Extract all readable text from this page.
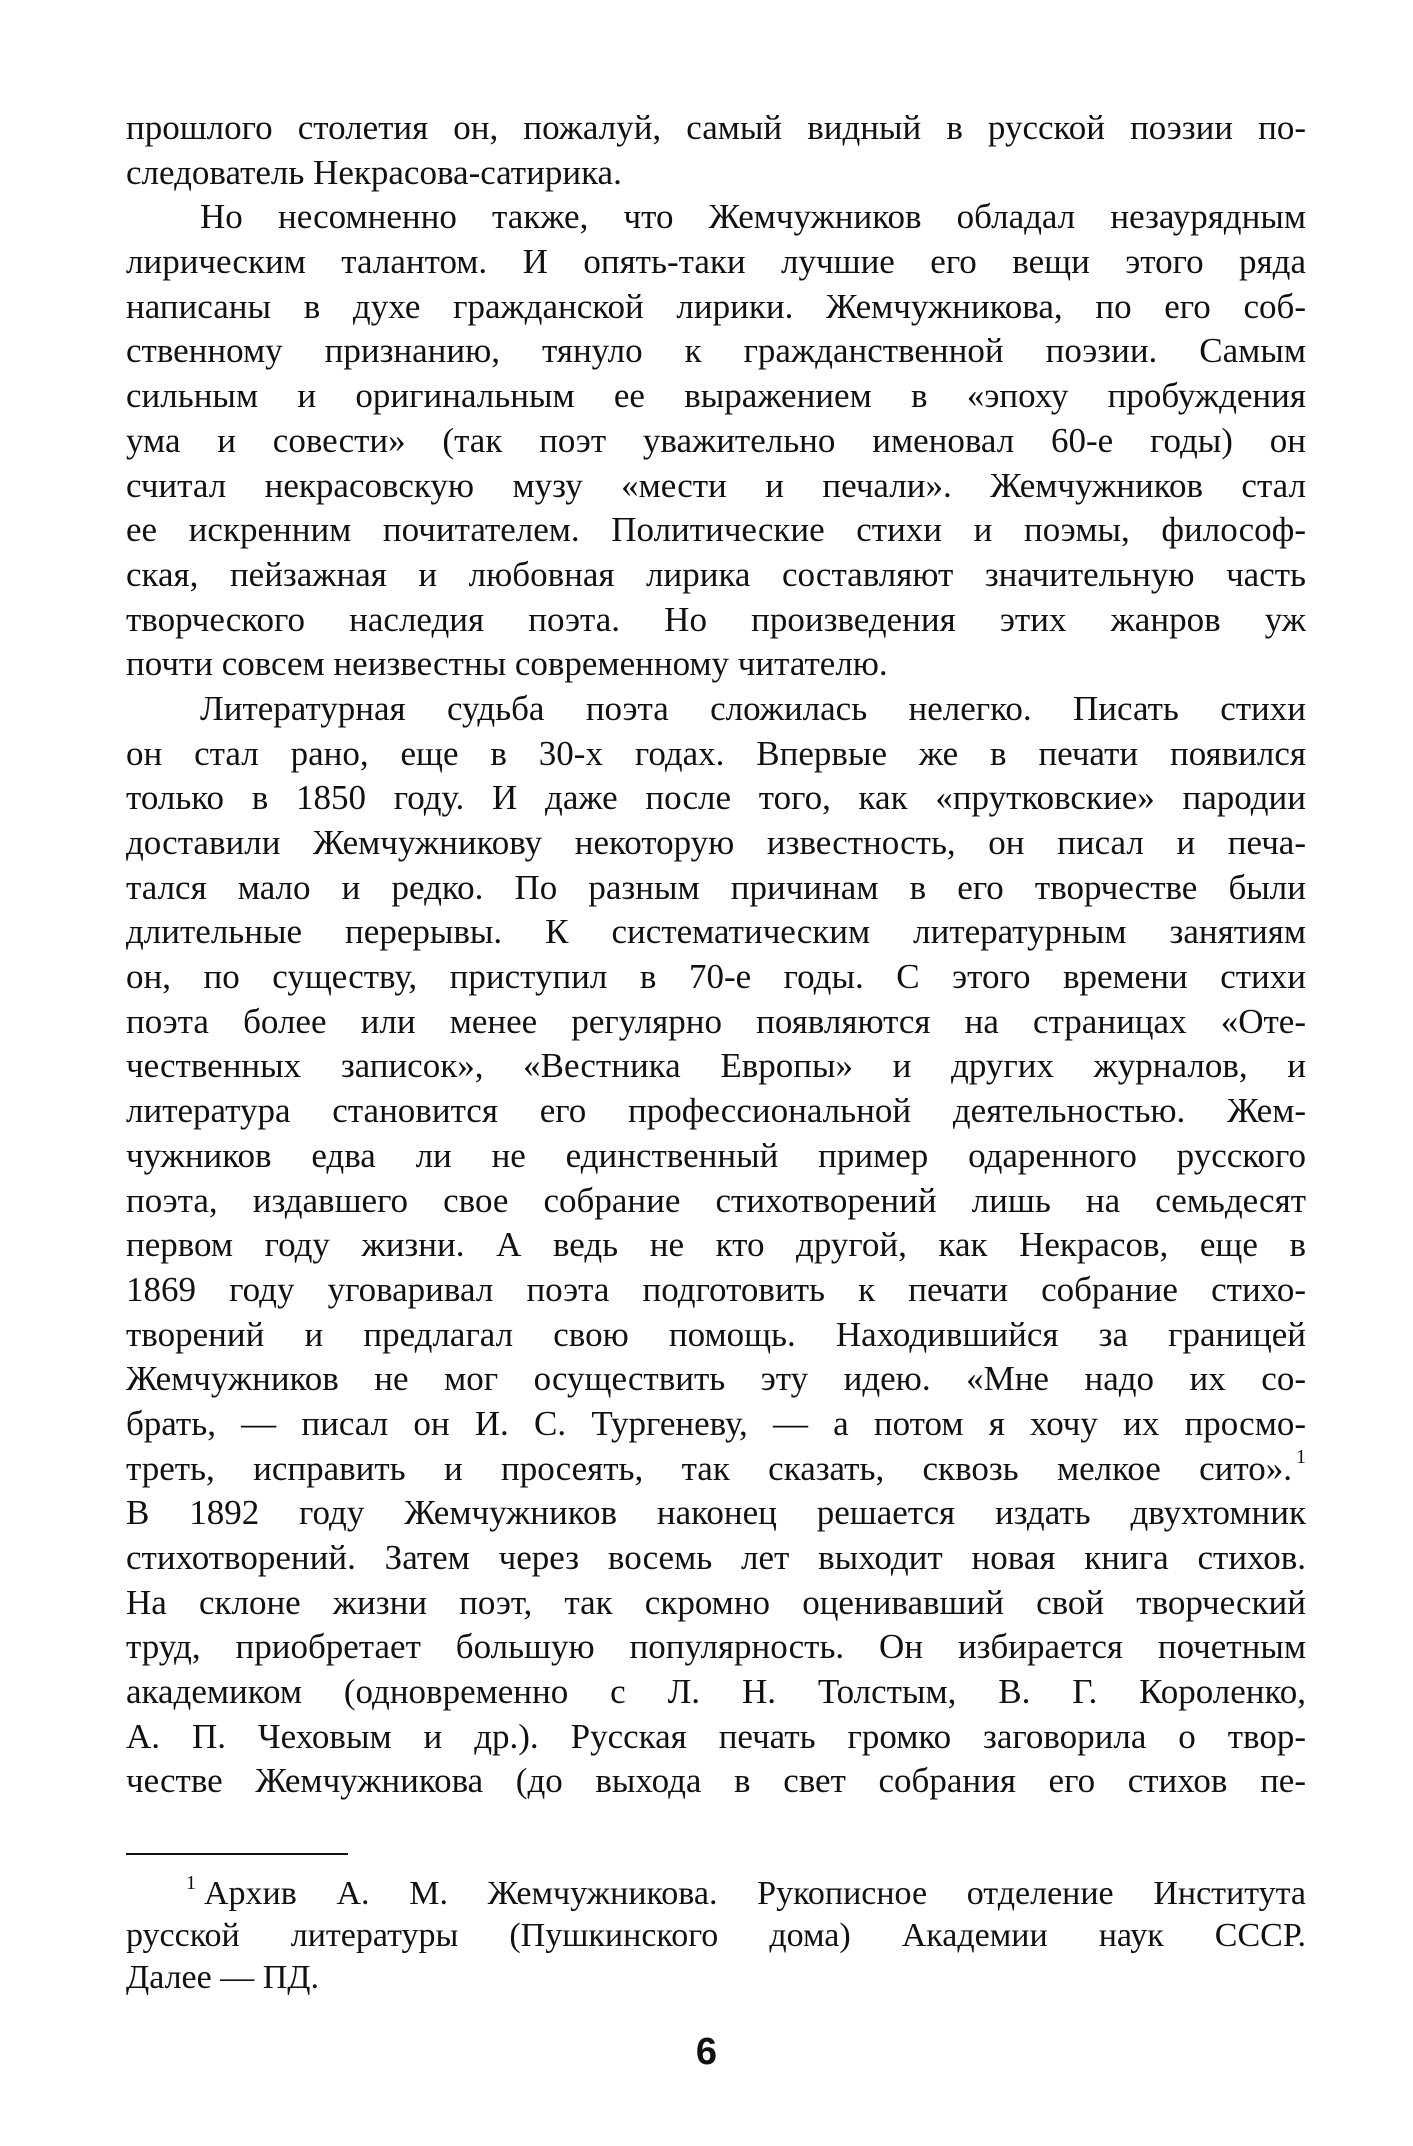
прошлого столетия он, пожалуй, самый видный в русской поэзии по-
следователь Некрасова-сатирика.
Но несомненно также, что Жемчужников обладал незаурядным
лирическим талантом. И опять-таки лучшие его вещи этого ряда
написаны в духе гражданской лирики. Жемчужникова, по его соб-
ственному признанию, тянуло к гражданственной поэзии. Самым
сильным и оригинальным ее выражением в «эпоху пробуждения
ума и совести» (так поэт уважительно именовал 60-е годы) он
считал некрасовскую музу «мести и печали». Жемчужников стал
ее искренним почитателем. Политические стихи и поэмы, философ-
ская, пейзажная и любовная лирика составляют значительную часть
творческого наследия поэта. Но произведения этих жанров уж
почти совсем неизвестны современному читателю.
Литературная судьба поэта сложилась нелегко. Писать стихи
он стал рано, еще в 30-х годах. Впервые же в печати появился
только в 1850 году. И даже после того, как «прутковские» пародии
доставили Жемчужникову некоторую известность, он писал и печа-
тался мало и редко. По разным причинам в его творчестве были
длительные перерывы. К систематическим литературным занятиям
он, по существу, приступил в 70-е годы. С этого времени стихи
поэта более или менее регулярно появляются на страницах «Оте-
чественных записок», «Вестника Европы» и других журналов, и
литература становится его профессиональной деятельностью. Жем-
чужников едва ли не единственный пример одаренного русского
поэта, издавшего свое собрание стихотворений лишь на семьдесят
первом году жизни. А ведь не кто другой, как Некрасов, еще в
1869 году уговаривал поэта подготовить к печати собрание стихо-
творений и предлагал свою помощь. Находившийся за границей
Жемчужников не мог осуществить эту идею. «Мне надо их со-
брать, — писал он И. С. Тургеневу, — а потом я хочу их просмо-
треть, исправить и просеять, так сказать, сквозь мелкое сито». $^1$
В 1892 году Жемчужников наконец решается издать двухтомник
стихотворений. Затем через восемь лет выходит новая книга стихов.
На склоне жизни поэт, так скромно оценивавший свой творческий
труд, приобретает большую популярность. Он избирается почетным
академиком (одновременно с Л. Н. Толстым, В. Г. Короленко,
А. П. Чеховым и др.). Русская печать громко заговорила о твор-
честве Жемчужникова (до выхода в свет собрания его стихов пе-
$^1$ Архив А. М. Жемчужникова. Рукописное отделение Института
русской литературы (Пушкинского дома) Академии наук СССР.
Далее — ПД.
6
